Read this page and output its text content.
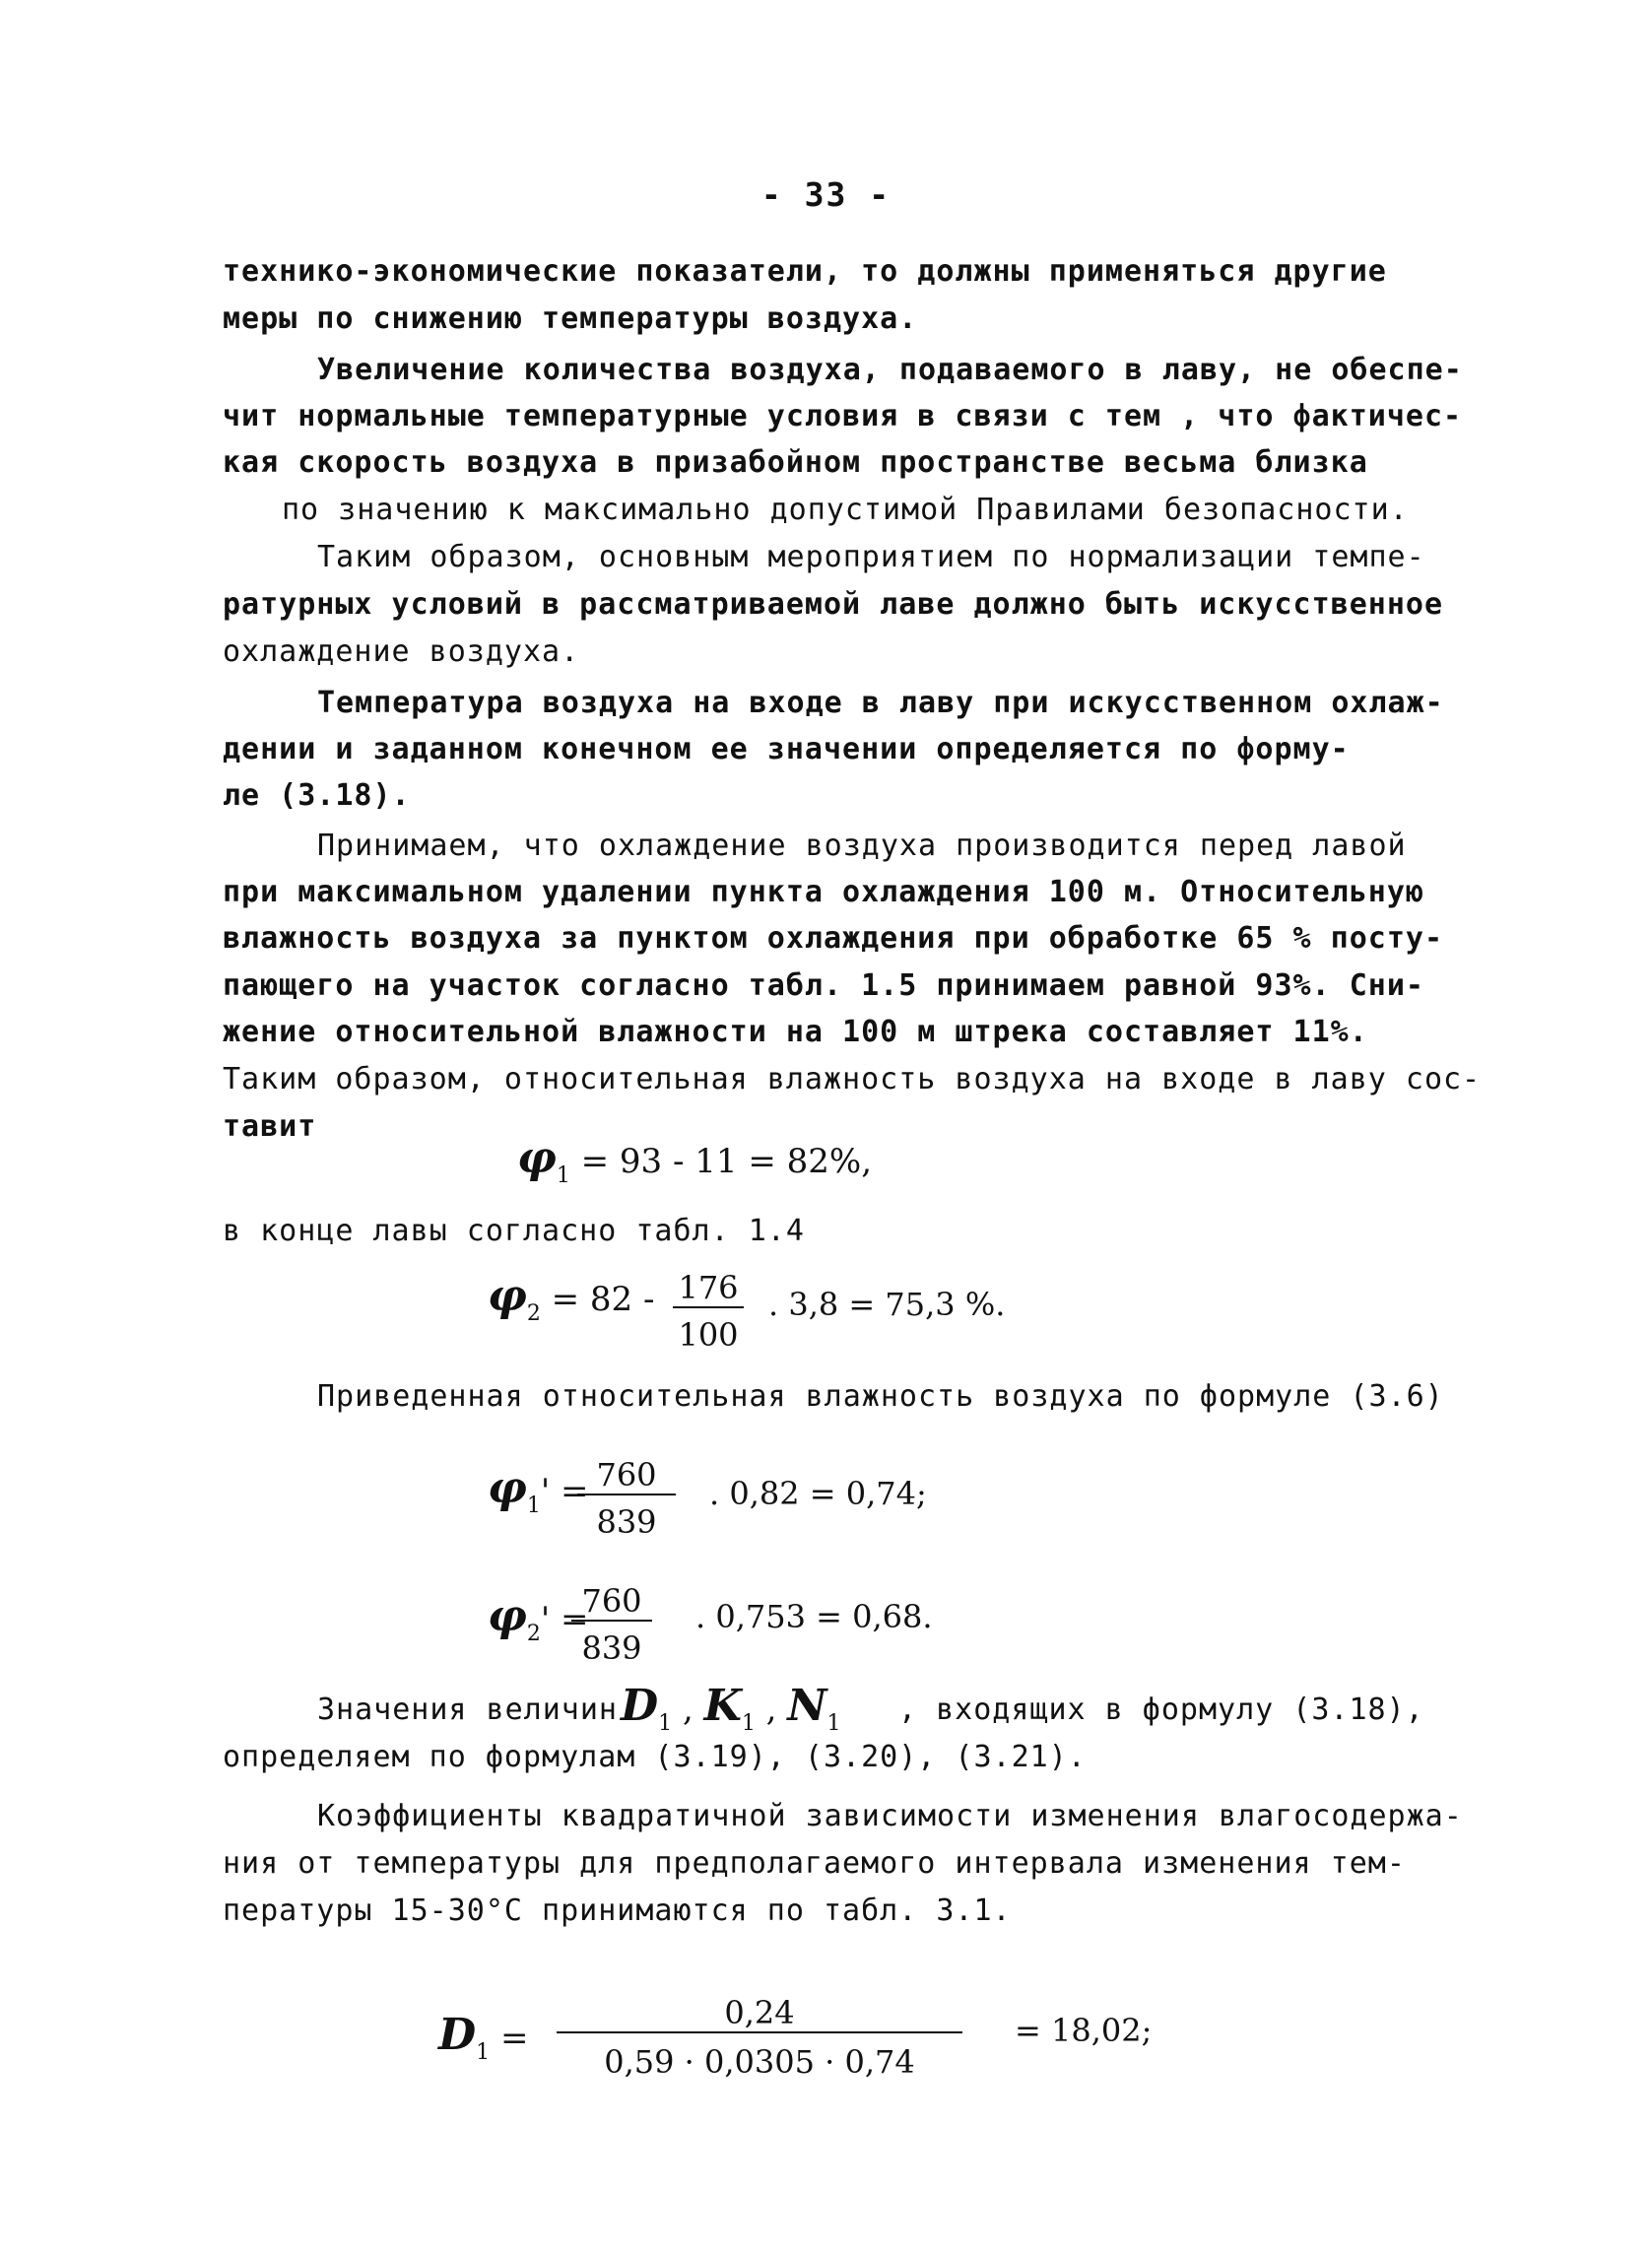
- 33 -
технико-экономические показатели, то должны применяться другие
меры по снижению температуры воздуха.
Увеличение количества воздуха, подаваемого в лаву, не обеспе-
чит нормальные температурные условия в связи с тем , что фактичес-
кая скорость воздуха в призабойном пространстве весьма близка
по значению к максимально допустимой Правилами безопасности.
Таким образом, основным мероприятием по нормализации темпе-
ратурных условий в рассматриваемой лаве должно быть искусственное
охлаждение воздуха.
Температура воздуха на входе в лаву при искусственном охлаж-
дении и заданном конечном ее значении определяется по форму-
ле (3.18).
Принимаем, что охлаждение воздуха производится перед лавой
при максимальном удалении пункта охлаждения 100 м. Относительную
влажность воздуха за пунктом охлаждения при обработке 65 % посту-
пающего на участок согласно табл. 1.5 принимаем равной 93%. Сни-
жение относительной влажности на 100 м штрека составляет 11%.
Таким образом, относительная влажность воздуха на входе в лаву сос-
тавит
$\varphi_1 = 93 - 11 = 82\%$,
в конце лавы согласно табл. 1.4
$\varphi_2 = 82 - 176$
100
. 3,8 = 75,3 %.
Приведенная относительная влажность воздуха по формуле (3.6)
$\varphi_1' = 760$
839
. 0,82 = 0,74;
$\varphi_2'$ =
760
839
. 0,753 = 0,68.
Значения величин $D_1$ , $K_1$ , $N_1$ , входящих в формулу (3.18),
определяем по формулам (3.19), (3.20), (3.21).
Коэффициенты квадратичной зависимости изменения влагосодержа-
ния от температуры для предполагаемого интервала изменения тем-
пературы 15-30°С принимаются по табл. 3.1.
$D_1$ =
0,24
0,59 · 0,0305 · 0,74
= 18,02;
